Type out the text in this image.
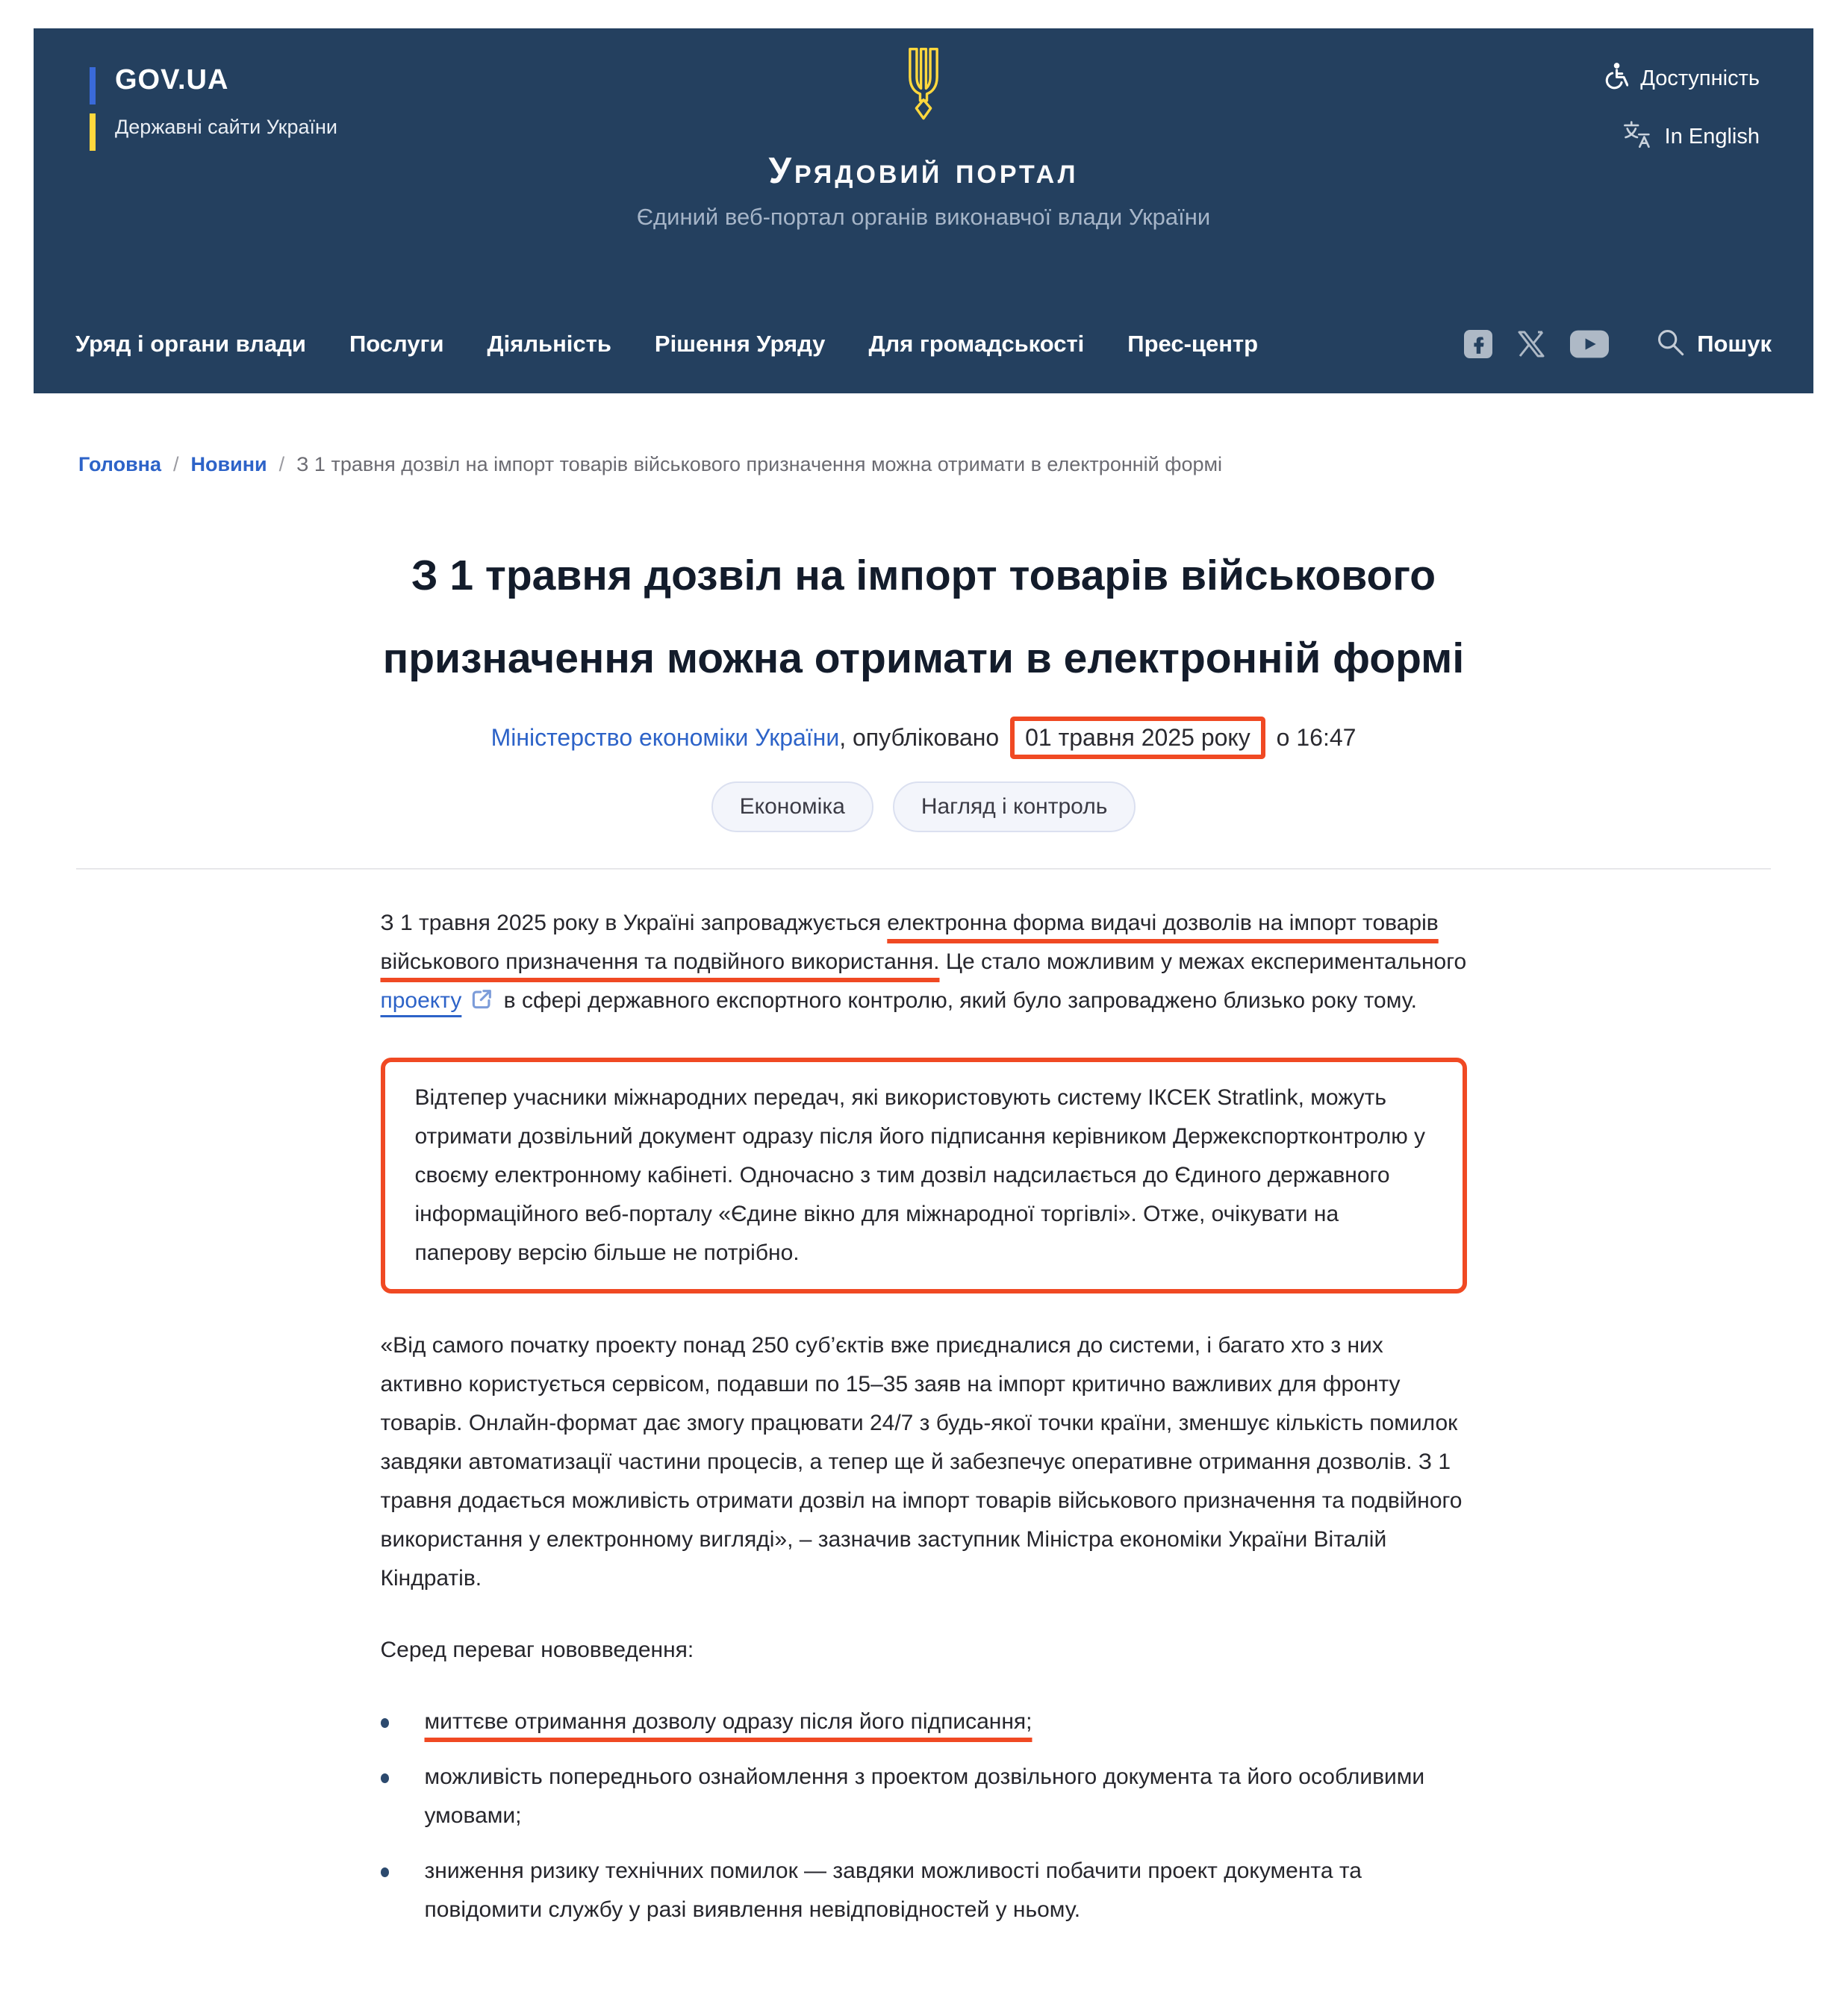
GOV.UA
Державні сайти України
Доступність
In English
Урядовий портал
Єдиний веб-портал органів виконавчої влади України
Уряд і органи влади Послуги Діяльність Рішення Уряду Для громадськості Прес-центр	Пошук
Головна / Новини / З 1 травня дозвіл на імпорт товарів військового призначення можна отримати в електронній формі
З 1 травня дозвіл на імпорт товарів військового призначення можна отримати в електронній формі
Міністерство економіки України, опубліковано 01 травня 2025 року о 16:47
Економіка	Нагляд і контроль

З 1 травня 2025 року в Україні запроваджується електронна форма видачі дозволів на імпорт товарів військового призначення та подвійного використання. Це стало можливим у межах експериментального проекту в сфері державного експортного контролю, який було запроваджено близько року тому.

Відтепер учасники міжнародних передач, які використовують систему ІКСЕК Stratlink, можуть отримати дозвільний документ одразу після його підписання керівником Держекспортконтролю у своєму електронному кабінеті. Одночасно з тим дозвіл надсилається до Єдиного державного інформаційного веб-порталу «Єдине вікно для міжнародної торгівлі». Отже, очікувати на паперову версію більше не потрібно.

«Від самого початку проекту понад 250 суб’єктів вже приєдналися до системи, і багато хто з них активно користується сервісом, подавши по 15–35 заяв на імпорт критично важливих для фронту товарів. Онлайн-формат дає змогу працювати 24/7 з будь-якої точки країни, зменшує кількість помилок завдяки автоматизації частини процесів, а тепер ще й забезпечує оперативне отримання дозволів. З 1 травня додається можливість отримати дозвіл на імпорт товарів військового призначення та подвійного використання у електронному вигляді», – зазначив заступник Міністра економіки України Віталій Кіндратів.

Серед переваг нововведення:

миттєве отримання дозволу одразу після його підписання;
можливість попереднього ознайомлення з проектом дозвільного документа та його особливими умовами;
зниження ризику технічних помилок — завдяки можливості побачити проект документа та повідомити службу у разі виявлення невідповідностей у ньому.
